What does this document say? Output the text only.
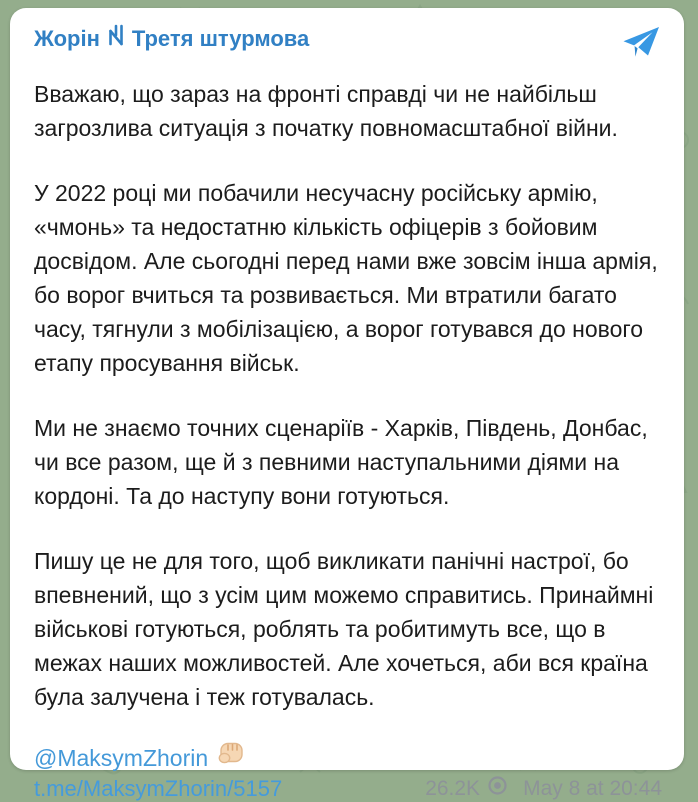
Жорін Третя штурмова

Вважаю, що зараз на фронті справді чи не найбільш загрозлива ситуація з початку повномасштабної війни.

У 2022 році ми побачили несучасну російську армію, «чмонь» та недостатню кількість офіцерів з бойовим досвідом. Але сьогодні перед нами вже зовсім інша армія, бо ворог вчиться та розвивається. Ми втратили багато часу, тягнули з мобілізацією, а ворог готувався до нового етапу просування військ.

Ми не знаємо точних сценаріїв - Харків, Південь, Донбас, чи все разом, ще й з певними наступальними діями на кордоні. Та до наступу вони готуються.

Пишу це не для того, щоб викликати панічні настрої, бо впевнений, що з усім цим можемо справитись. Принаймні військові готуються, роблять та робитимуть все, що в межах наших можливостей. Але хочеться, аби вся країна була залучена і теж готувалась.

@MaksymZhorin
t.me/MaksymZhorin/5157	26.2K May 8 at 20:44
